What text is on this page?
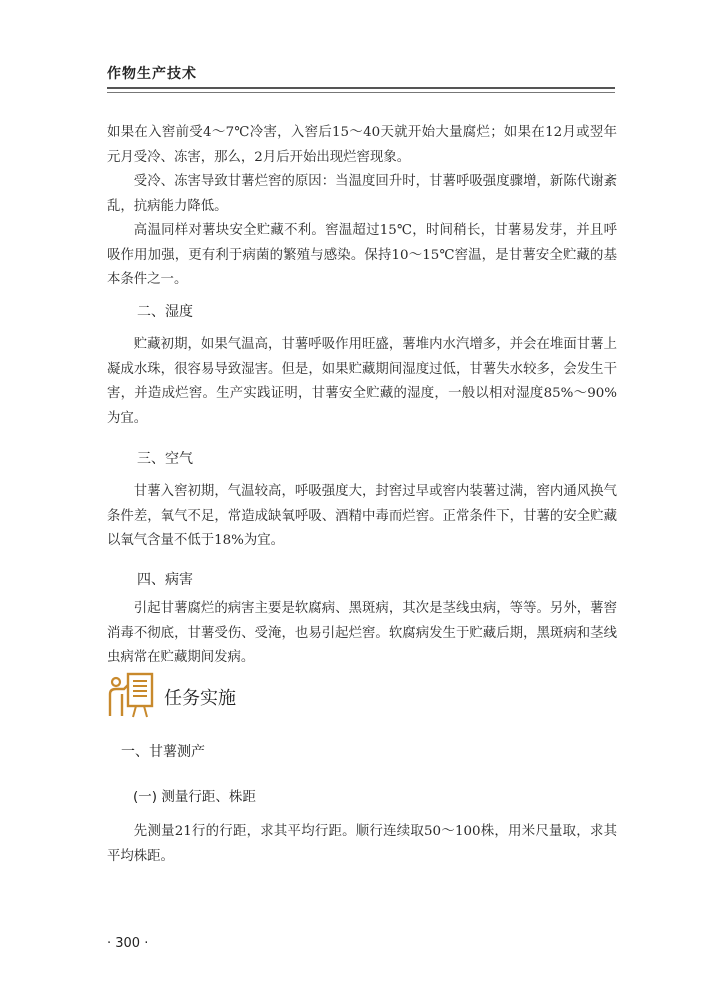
作物生产技术
如果在入窖前受4～7℃冷害，入窖后15～40天就开始大量腐烂；如果在12月或翌年元月受冷、冻害，那么，2月后开始出现烂窖现象。
受冷、冻害导致甘薯烂窖的原因：当温度回升时，甘薯呼吸强度骤增，新陈代谢紊乱，抗病能力降低。
高温同样对薯块安全贮藏不利。窖温超过15℃，时间稍长，甘薯易发芽，并且呼吸作用加强，更有利于病菌的繁殖与感染。保持10～15℃窖温，是甘薯安全贮藏的基本条件之一。
二、湿度
贮藏初期，如果气温高，甘薯呼吸作用旺盛，薯堆内水汽增多，并会在堆面甘薯上凝成水珠，很容易导致湿害。但是，如果贮藏期间湿度过低，甘薯失水较多，会发生干害，并造成烂窖。生产实践证明，甘薯安全贮藏的湿度，一般以相对湿度85%～90%为宜。
三、空气
甘薯入窖初期，气温较高，呼吸强度大，封窖过早或窖内装薯过满，窖内通风换气条件差，氧气不足，常造成缺氧呼吸、酒精中毒而烂窖。正常条件下，甘薯的安全贮藏以氧气含量不低于18%为宜。
四、病害
引起甘薯腐烂的病害主要是软腐病、黑斑病，其次是茎线虫病，等等。另外，薯窖消毒不彻底，甘薯受伤、受淹，也易引起烂窖。软腐病发生于贮藏后期，黑斑病和茎线虫病常在贮藏期间发病。
任务实施
一、甘薯测产
(一) 测量行距、株距
先测量21行的行距，求其平均行距。顺行连续取50～100株，用米尺量取，求其平均株距。
· 300 ·
